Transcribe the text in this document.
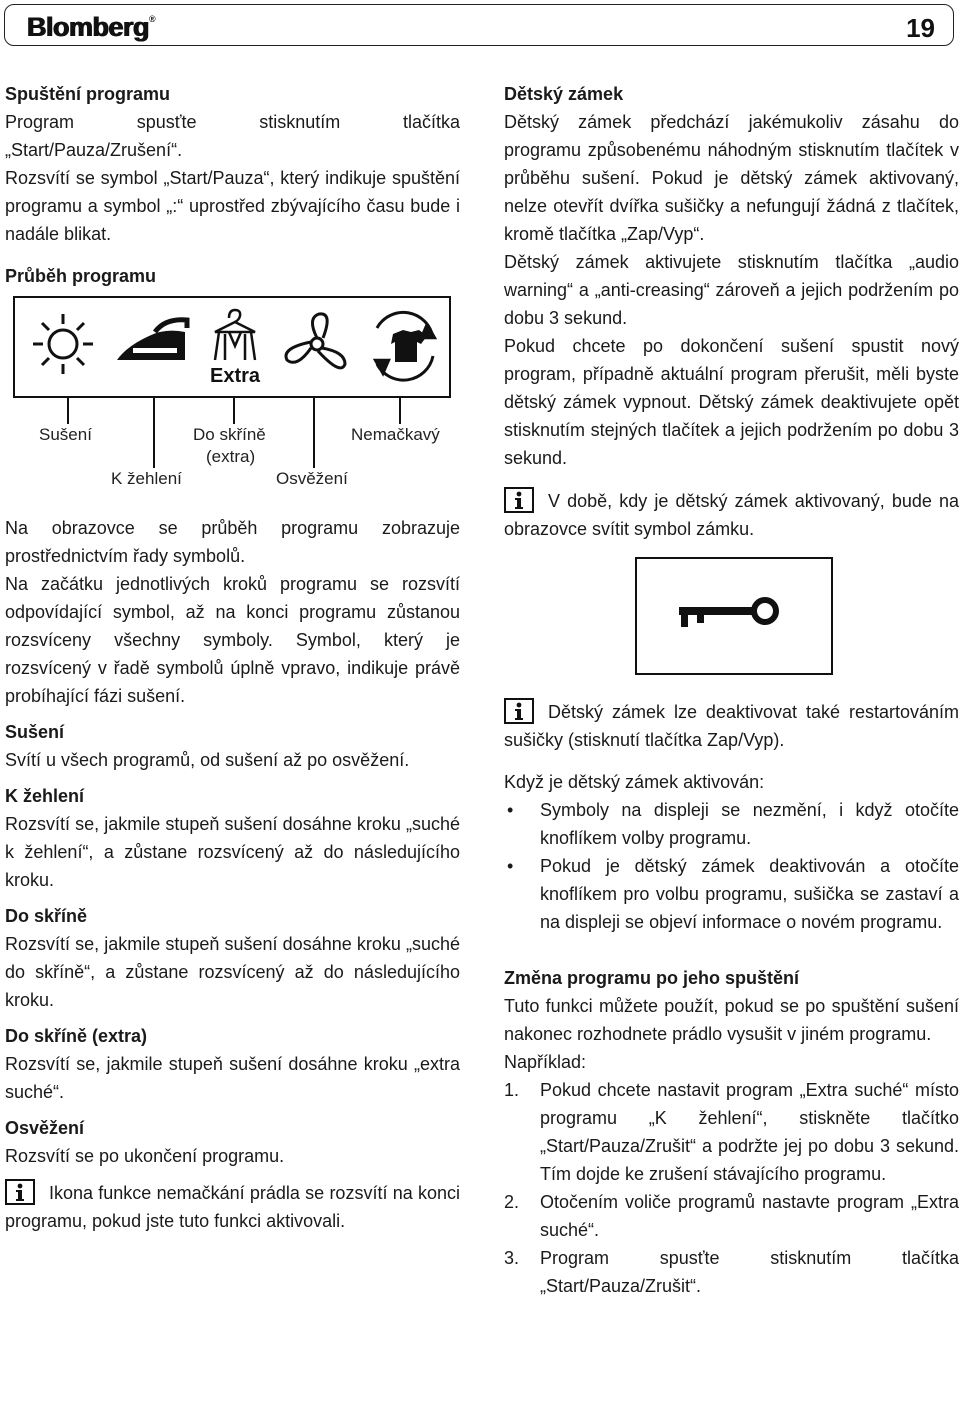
Blomberg®	19
Spuštění programu

Program spusťte stisknutím tlačítka „Start/Pauza/Zrušení“.

Rozsvítí se symbol „Start/Pauza“, který indikuje spuštění programu a symbol „:“ uprostřed zbývajícího času bude i nadále blikat.

Průběh programu
Extra
Sušení	Do skříně
(extra)
Nemačkavý
K žehlení	Osvěžení

Na obrazovce se průběh programu zobrazuje prostřednictvím řady symbolů.

Na začátku jednotlivých kroků programu se rozsvítí odpovídající symbol, až na konci programu zůstanou rozsvíceny všechny symboly. Symbol, který je rozsvícený v řadě symbolů úplně vpravo, indikuje právě probíhající fázi sušení.

Sušení

Svítí u všech programů, od sušení až po osvěžení.

K žehlení

Rozsvítí se, jakmile stupeň sušení dosáhne kroku „suché k žehlení“, a zůstane rozsvícený až do následujícího kroku.

Do skříně

Rozsvítí se, jakmile stupeň sušení dosáhne kroku „suché do skříně“, a zůstane rozsvícený až do následujícího kroku.

Do skříně (extra)

Rozsvítí se, jakmile stupeň sušení dosáhne kroku „extra suché“.

Osvěžení

Rozsvítí se po ukončení programu.

Ikona funkce nemačkání prádla se rozsvítí na konci programu, pokud jste tuto funkci aktivovali.

Dětský zámek

Dětský zámek předchází jakémukoliv zásahu do programu způsobenému náhodným stisknutím tlačítek v průběhu sušení. Pokud je dětský zámek aktivovaný, nelze otevřít dvířka sušičky a nefungují žádná z tlačítek, kromě tlačítka „Zap/Vyp“.

Dětský zámek aktivujete stisknutím tlačítka „audio warning“ a „anti-creasing“ zároveň a jejich podržením po dobu 3 sekund.

Pokud chcete po dokončení sušení spustit nový program, případně aktuální program přerušit, měli byste dětský zámek vypnout. Dětský zámek deaktivujete opět stisknutím stejných tlačítek a jejich podržením po dobu 3 sekund.

V době, kdy je dětský zámek aktivovaný, bude na obrazovce svítit symbol zámku.

Dětský zámek lze deaktivovat také restartováním sušičky (stisknutí tlačítka Zap/Vyp).

Když je dětský zámek aktivován:

• Symboly na displeji se nezmění, i když otočíte knoflíkem volby programu.
• Pokud je dětský zámek deaktivován a otočíte knoflíkem pro volbu programu, sušička se zastaví a na displeji se objeví informace o novém programu.
Změna programu po jeho spuštění

Tuto funkci můžete použít, pokud se po spuštění sušení nakonec rozhodnete prádlo vysušit v jiném programu.

Například:

1. Pokud chcete nastavit program „Extra suché“ místo programu „K žehlení“, stiskněte tlačítko „Start/Pauza/Zrušit“ a podržte jej po dobu 3 sekund. Tím dojde ke zrušení stávajícího programu.
2. Otočením voliče programů nastavte program „Extra suché“.
3. Program spusťte stisknutím tlačítka „Start/Pauza/Zrušit“.
